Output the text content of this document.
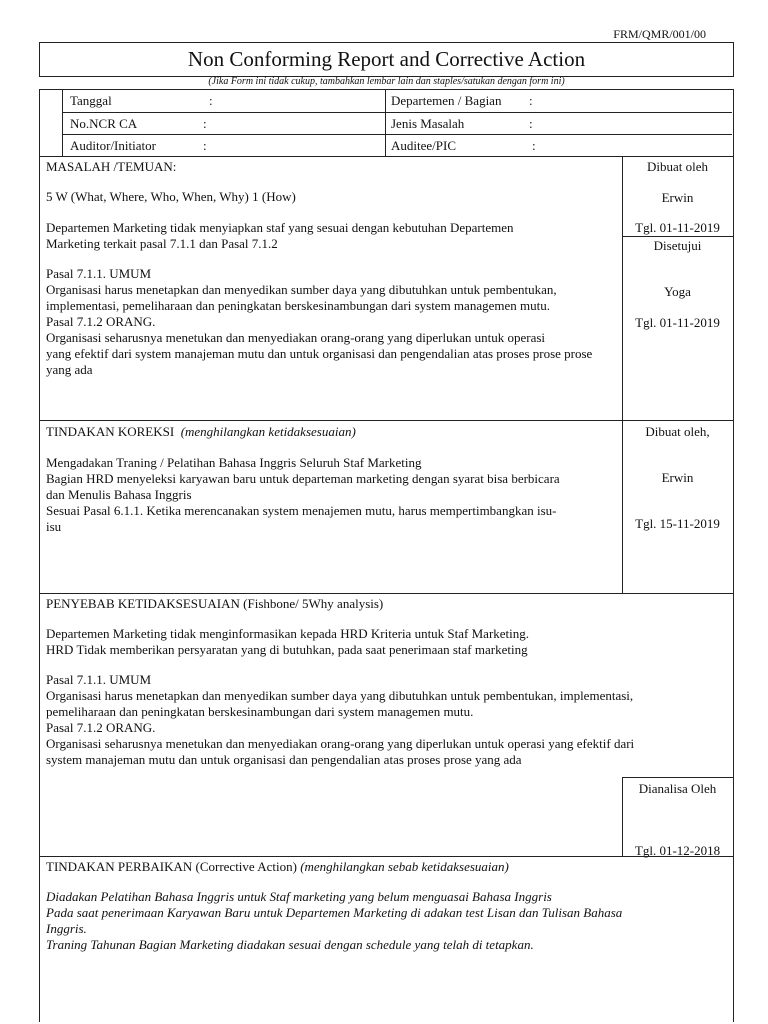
FRM/QMR/001/00
Non Conforming Report and Corrective Action
(Jika Form ini tidak cukup, tambahkan lembar lain dan staples/satukan dengan form ini)
Tanggal	:	Departemen / Bagian :
No.NCR CA	:	Jenis Masalah	:
Auditor/Initiator	:	Auditee/PIC	:
MASALAH /TEMUAN:
5 W (What, Where, Who, When, Why) 1 (How)
Departemen Marketing tidak menyiapkan staf yang sesuai dengan kebutuhan Departemen
Marketing terkait pasal 7.1.1 dan Pasal 7.1.2
Pasal 7.1.1. UMUM
Organisasi harus menetapkan dan menyedikan sumber daya yang dibutuhkan untuk pembentukan,
implementasi, pemeliharaan dan peningkatan berskesinambungan dari system managemen mutu.
Pasal 7.1.2 ORANG.
Organisasi seharusnya menetukan dan menyediakan orang-orang yang diperlukan untuk operasi
yang efektif dari system manajeman mutu dan untuk organisasi dan pengendalian atas proses prose prose
yang ada
Dibuat oleh
Erwin
Tgl. 01-11-2019
Disetujui
Yoga
Tgl. 01-11-2019
TINDAKAN KOREKSI (menghilangkan ketidaksesuaian)
Mengadakan Traning / Pelatihan Bahasa Inggris Seluruh Staf Marketing
Bagian HRD menyeleksi karyawan baru untuk departeman marketing dengan syarat bisa berbicara
dan Menulis Bahasa Inggris
Sesuai Pasal 6.1.1. Ketika merencanakan system menajemen mutu, harus mempertimbangkan isu-
isu
Dibuat oleh,
Erwin
Tgl. 15-11-2019
PENYEBAB KETIDAKSESUAIAN (Fishbone/ 5Why analysis)
Departemen Marketing tidak menginformasikan kepada HRD Kriteria untuk Staf Marketing.
HRD Tidak memberikan persyaratan yang di butuhkan, pada saat penerimaan staf marketing
Pasal 7.1.1. UMUM
Organisasi harus menetapkan dan menyedikan sumber daya yang dibutuhkan untuk pembentukan, implementasi,
pemeliharaan dan peningkatan berskesinambungan dari system managemen mutu.
Pasal 7.1.2 ORANG.
Organisasi seharusnya menetukan dan menyediakan orang-orang yang diperlukan untuk operasi yang efektif dari
system manajeman mutu dan untuk organisasi dan pengendalian atas proses prose yang ada
Dianalisa Oleh
Tgl. 01-12-2018
TINDAKAN PERBAIKAN (Corrective Action) (menghilangkan sebab ketidaksesuaian)
Diadakan Pelatihan Bahasa Inggris untuk Staf marketing yang belum menguasai Bahasa Inggris
Pada saat penerimaan Karyawan Baru untuk Departemen Marketing di adakan test Lisan dan Tulisan Bahasa
Inggris.
Traning Tahunan Bagian Marketing diadakan sesuai dengan schedule yang telah di tetapkan.
